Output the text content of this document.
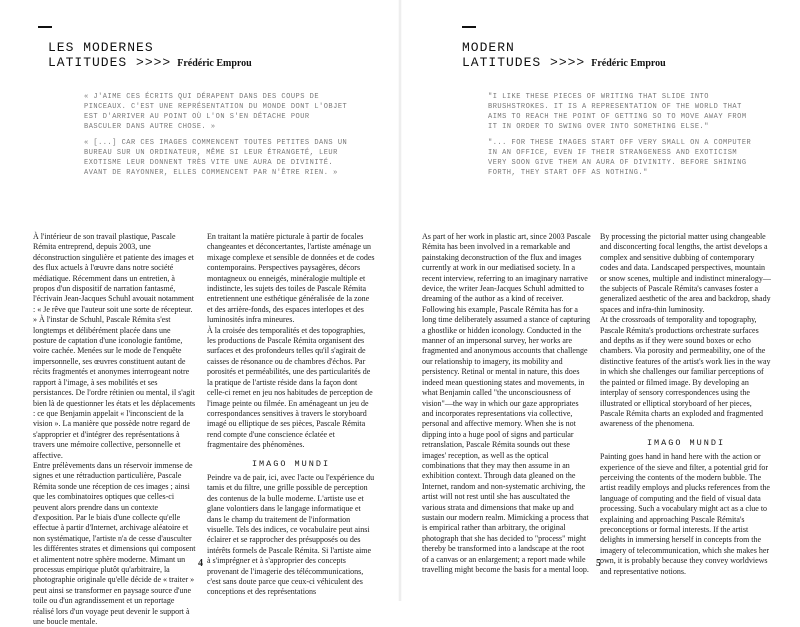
LES MODERNES
LATITUDES >>>> Frédéric Emprou

« J'AIME CES ÉCRITS QUI DÉRAPENT DANS DES COUPS DE PINCEAUX. C'EST UNE REPRÉSENTATION DU MONDE DONT L'OBJET EST D'ARRIVER AU POINT OÙ L'ON S'EN DÉTACHE POUR BASCULER DANS AUTRE CHOSE. »

« [...] CAR CES IMAGES COMMENCENT TOUTES PETITES DANS UN BUREAU SUR UN ORDINATEUR, MÊME SI LEUR ÉTRANGETÉ, LEUR EXOTISME LEUR DONNENT TRÈS VITE UNE AURA DE DIVINITÉ. AVANT DE RAYONNER, ELLES COMMENCENT PAR N'ÊTRE RIEN. »

À l'intérieur de son travail plastique, Pascale Rémita entreprend, depuis 2003, une déconstruction singulière et patiente des images et des flux actuels à l'œuvre dans notre société médiatique. Récemment dans un entretien, à propos d'un dispositif de narration fantasmé, l'écrivain Jean-Jacques Schuhl avouait notamment : « Je rêve que l'auteur soit une sorte de récepteur. » À l'instar de Schuhl, Pascale Rémita s'est longtemps et délibérément placée dans une posture de captation d'une iconologie fantôme, voire cachée. Menées sur le mode de l'enquête impersonnelle, ses œuvres constituent autant de récits fragmentés et anonymes interrogeant notre rapport à l'image, à ses mobilités et ses persistances. De l'ordre rétinien ou mental, il s'agit bien là de questionner les états et les déplacements : ce que Benjamin appelait « l'inconscient de la vision ». La manière que possède notre regard de s'approprier et d'intégrer des représentations à travers une mémoire collective, personnelle et affective.

Entre prélèvements dans un réservoir immense de signes et une rétraduction particulière, Pascale Rémita sonde une réception de ces images ; ainsi que les combinatoires optiques que celles-ci peuvent alors prendre dans un contexte d'exposition. Par le biais d'une collecte qu'elle effectue à partir d'Internet, archivage aléatoire et non systématique, l'artiste n'a de cesse d'ausculter les différentes strates et dimensions qui composent et alimentent notre sphère moderne. Mimant un processus empirique plutôt qu'arbitraire, la photographie originale qu'elle décide de « traiter » peut ainsi se transformer en paysage source d'une toile ou d'un agrandissement et un reportage réalisé lors d'un voyage peut devenir le support à une boucle mentale.

En traitant la matière picturale à partir de focales changeantes et déconcertantes, l'artiste aménage un mixage complexe et sensible de données et de codes contemporains. Perspectives paysagères, décors montagneux ou enneigés, minéralogie multiple et indistincte, les sujets des toiles de Pascale Rémita entretiennent une esthétique généralisée de la zone et des arrière-fonds, des espaces interlopes et des luminosités infra mineures.

À la croisée des temporalités et des topographies, les productions de Pascale Rémita organisent des surfaces et des profondeurs telles qu'il s'agirait de caisses de résonance ou de chambres d'échos. Par porosités et perméabilités, une des particularités de la pratique de l'artiste réside dans la façon dont celle-ci remet en jeu nos habitudes de perception de l'image peinte ou filmée. En aménageant un jeu de correspondances sensitives à travers le storyboard imagé ou elliptique de ses pièces, Pascale Rémita rend compte d'une conscience éclatée et fragmentaire des phénomènes.

IMAGO MUNDI

Peindre va de pair, ici, avec l'acte ou l'expérience du tamis et du filtre, une grille possible de perception des contenus de la bulle moderne. L'artiste use et glane volontiers dans le langage informatique et dans le champ du traitement de l'information visuelle. Tels des indices, ce vocabulaire peut ainsi éclairer et se rapprocher des présupposés ou des intérêts formels de Pascale Rémita. Si l'artiste aime à s'imprégner et à s'approprier des concepts provenant de l'imagerie des télécommunications, c'est sans doute parce que ceux-ci véhiculent des conceptions et des représentations

4
MODERN
LATITUDES >>>> Frédéric Emprou

"I LIKE THESE PIECES OF WRITING THAT SLIDE INTO BRUSHSTROKES. IT IS A REPRESENTATION OF THE WORLD THAT AIMS TO REACH THE POINT OF GETTING SO TO MOVE AWAY FROM IT IN ORDER TO SWING OVER INTO SOMETHING ELSE."

"... FOR THESE IMAGES START OFF VERY SMALL ON A COMPUTER IN AN OFFICE, EVEN IF THEIR STRANGENESS AND EXOTICISM VERY SOON GIVE THEM AN AURA OF DIVINITY. BEFORE SHINING FORTH, THEY START OFF AS NOTHING."

As part of her work in plastic art, since 2003 Pascale Rémita has been involved in a remarkable and painstaking deconstruction of the flux and images currently at work in our mediatised society. In a recent interview, referring to an imaginary narrative device, the writer Jean-Jacques Schuhl admitted to dreaming of the author as a kind of receiver. Following his example, Pascale Rémita has for a long time deliberately assumed a stance of capturing a ghostlike or hidden iconology. Conducted in the manner of an impersonal survey, her works are fragmented and anonymous accounts that challenge our relationship to imagery, its mobility and persistency. Retinal or mental in nature, this does indeed mean questioning states and movements, in what Benjamin called "the unconsciousness of vision"—the way in which our gaze appropriates and incorporates representations via collective, personal and affective memory. When she is not dipping into a huge pool of signs and particular retranslation, Pascale Rémita sounds out these images' reception, as well as the optical combinations that they may then assume in an exhibition context. Through data gleaned on the Internet, random and non-systematic archiving, the artist will not rest until she has auscultated the various strata and dimensions that make up and sustain our modern realm. Mimicking a process that is empirical rather than arbitrary, the original photograph that she has decided to "process" might thereby be transformed into a landscape at the root of a canvas or an enlargement; a report made while travelling might become the basis for a mental loop.

By processing the pictorial matter using changeable and disconcerting focal lengths, the artist develops a complex and sensitive dubbing of contemporary codes and data. Landscaped perspectives, mountain or snow scenes, multiple and indistinct mineralogy—the subjects of Pascale Rémita's canvases foster a generalized aesthetic of the area and backdrop, shady spaces and infra-thin luminosity.

At the crossroads of temporality and topography, Pascale Rémita's productions orchestrate surfaces and depths as if they were sound boxes or echo chambers. Via porosity and permeability, one of the distinctive features of the artist's work lies in the way in which she challenges our familiar perceptions of the painted or filmed image. By developing an interplay of sensory correspondences using the illustrated or elliptical storyboard of her pieces, Pascale Rémita charts an exploded and fragmented awareness of the phenomena.

IMAGO MUNDI

Painting goes hand in hand here with the action or experience of the sieve and filter, a potential grid for perceiving the contents of the modern bubble. The artist readily employs and plucks references from the language of computing and the field of visual data processing. Such a vocabulary might act as a clue to explaining and approaching Pascale Rémita's preconceptions or formal interests. If the artist delights in immersing herself in concepts from the imagery of telecommunication, which she makes her own, it is probably because they convey worldviews and representative notions.

5
